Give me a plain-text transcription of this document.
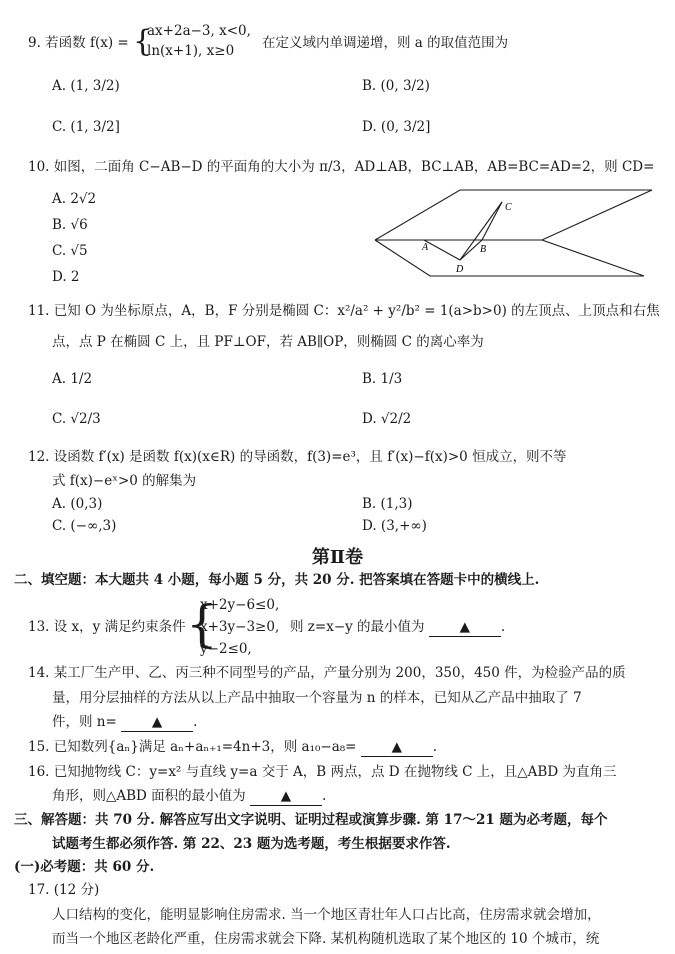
9. 若函数 f(x) = {
ax+2a−3, x<0,
ln(x+1), x≥0 在定义域内单调递增，则 a 的取值范围为
A. (1, 3/2)	B. (0, 3/2)
C. (1, 3/2]	D. (0, 3/2]
10. 如图，二面角 C−AB−D 的平面角的大小为 π/3，AD⊥AB，BC⊥AB，AB=BC=AD=2，则 CD=
A. 2√2
B. √6
C. √5
D. 2
C
A	B
D
11. 已知 O 为坐标原点，A，B，F 分别是椭圆 C：x²/a² + y²/b² = 1(a>b>0) 的左顶点、上顶点和右焦
点，点 P 在椭圆 C 上，且 PF⊥OF，若 AB∥OP，则椭圆 C 的离心率为
A. 1/2	B. 1/3
C. √2/3	D. √2/2
12. 设函数 f′(x) 是函数 f(x)(x∈R) 的导函数，f(3)=e³，且 f′(x)−f(x)>0 恒成立，则不等
式 f(x)−eˣ>0 的解集为
A. (0,3)	B. (1,3)
C. (−∞,3)	D. (3,+∞)
第Ⅱ卷
二、填空题：本大题共 4 小题，每小题 5 分，共 20 分. 把答案填在答题卡中的横线上.
13. 设 x，y 满足约束条件 {
x+2y−6≤0,
x+3y−3≥0,
y−2≤0,
则 z=x−y 的最小值为	▲ .
14. 某工厂生产甲、乙、丙三种不同型号的产品，产量分别为 200，350，450 件，为检验产品的质
量，用分层抽样的方法从以上产品中抽取一个容量为 n 的样本，已知从乙产品中抽取了 7
件，则 n=	▲ .
15. 已知数列{aₙ}满足 aₙ+aₙ₊₁=4n+3，则 a₁₀−a₈=	▲ .
16. 已知抛物线 C：y=x² 与直线 y=a 交于 A，B 两点，点 D 在抛物线 C 上，且△ABD 为直角三
角形，则△ABD 面积的最小值为	▲ .
三、解答题：共 70 分. 解答应写出文字说明、证明过程或演算步骤. 第 17～21 题为必考题，每个
试题考生都必须作答. 第 22、23 题为选考题，考生根据要求作答.
(一)必考题：共 60 分.
17. (12 分)
人口结构的变化，能明显影响住房需求. 当一个地区青壮年人口占比高，住房需求就会增加，
而当一个地区老龄化严重，住房需求就会下降. 某机构随机选取了某个地区的 10 个城市，统
